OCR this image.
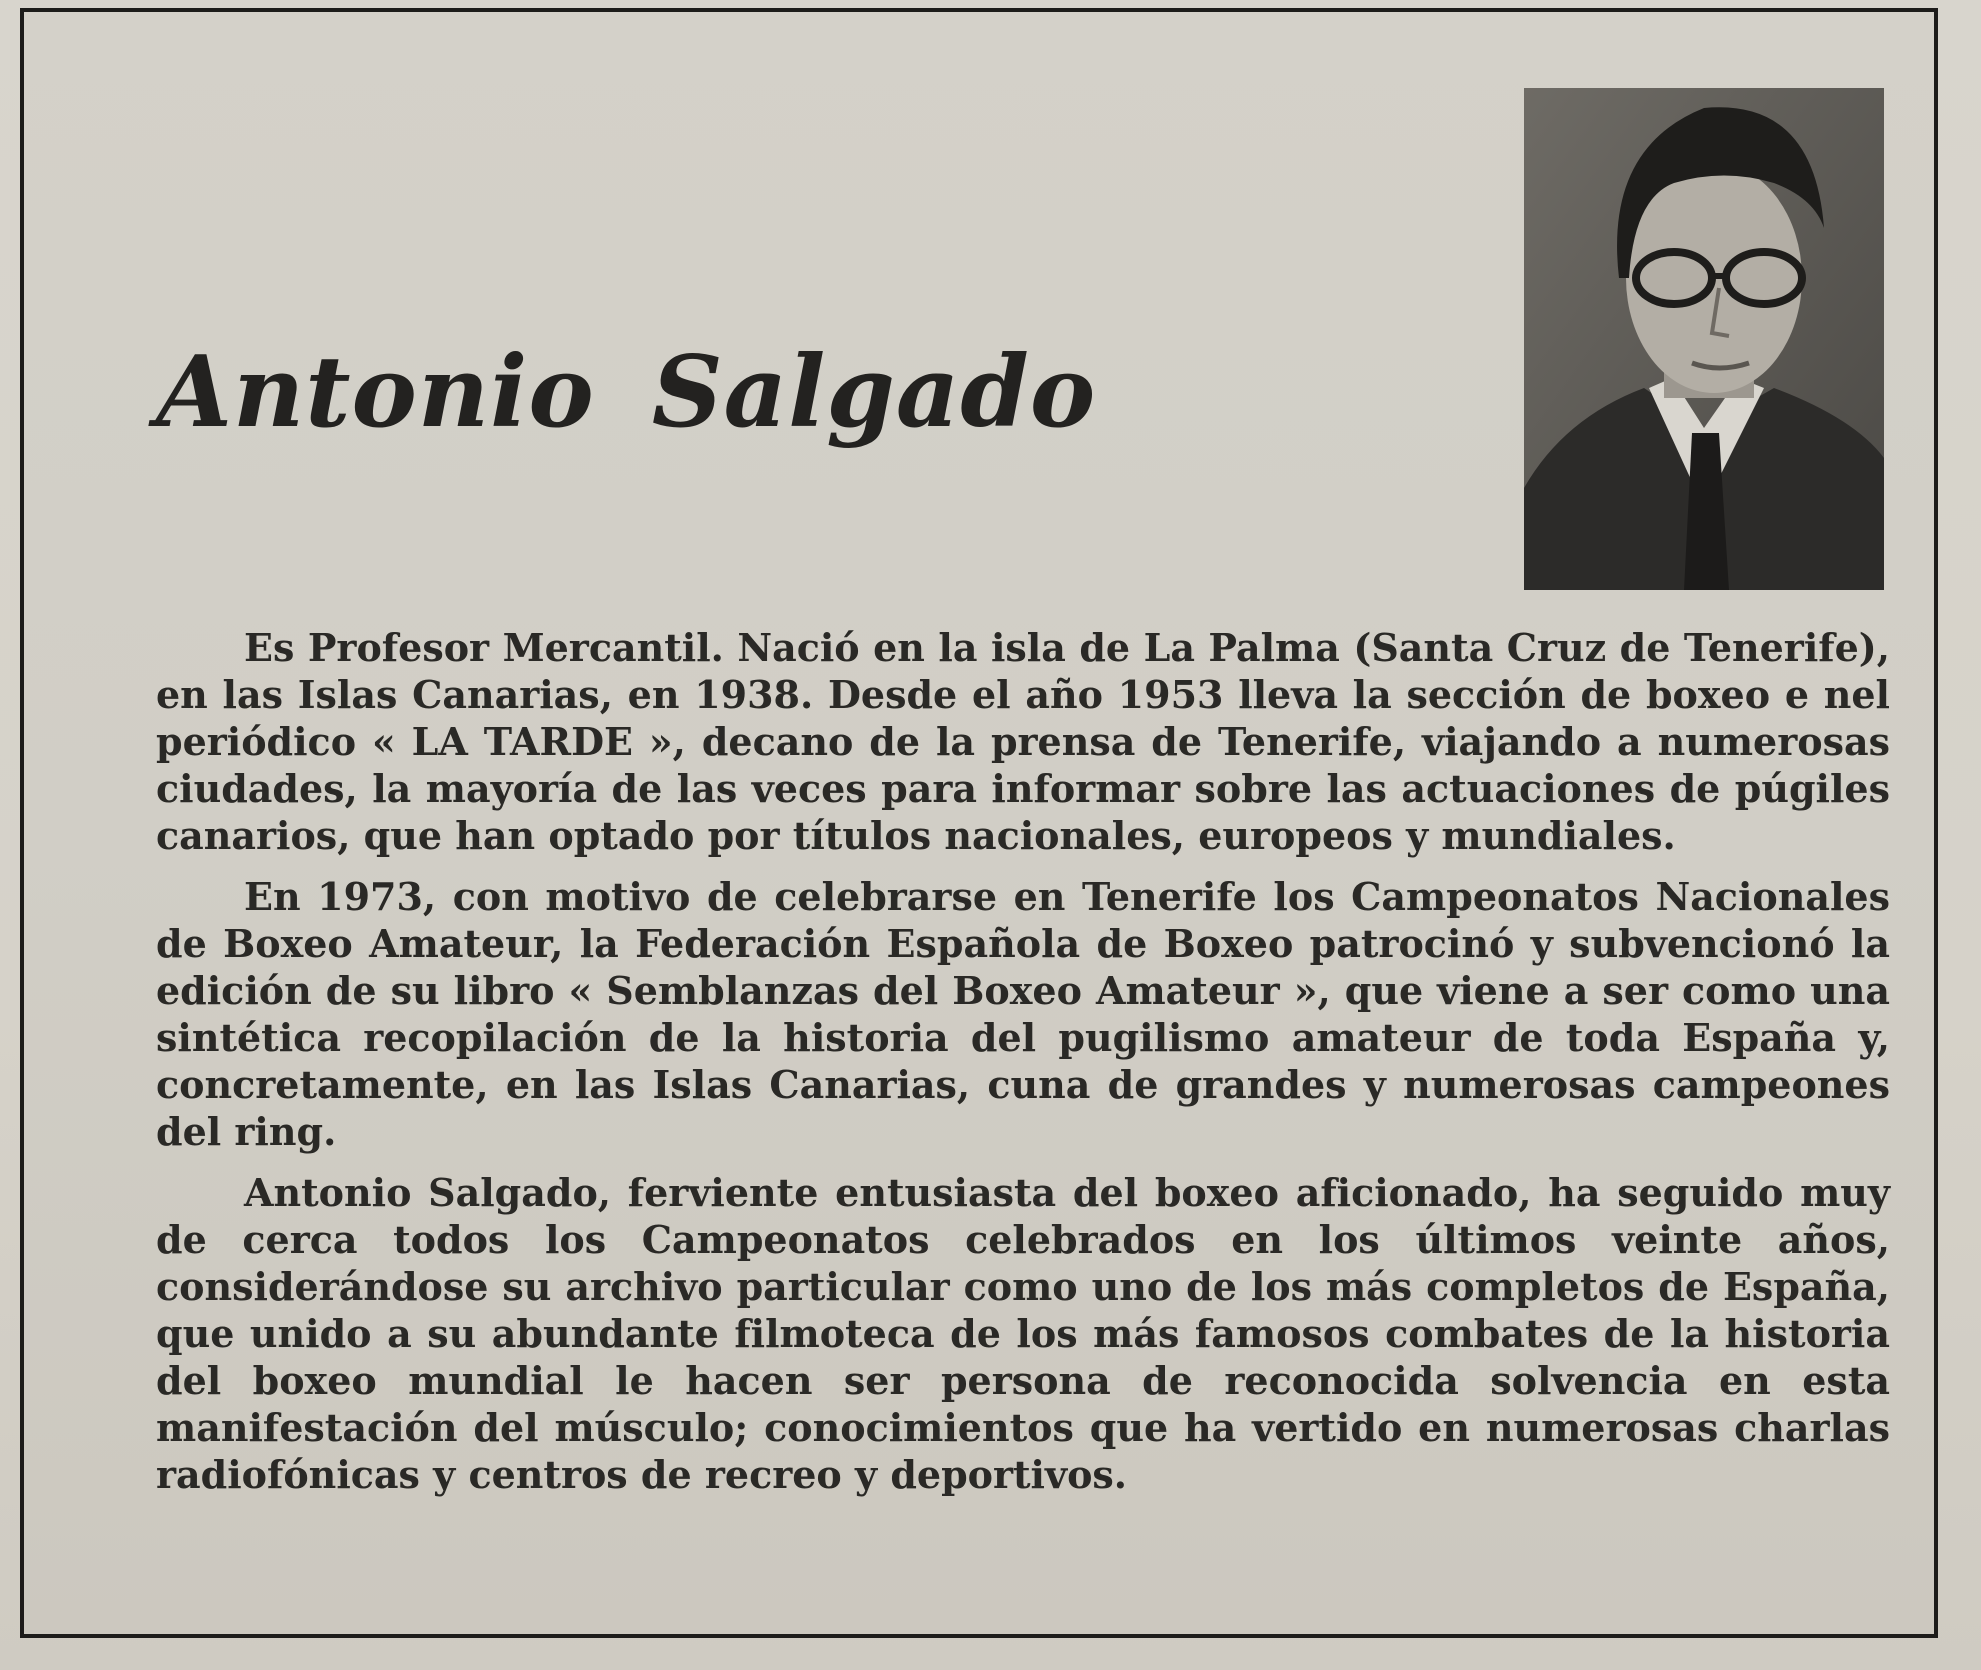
Antonio Salgado

Es Profesor Mercantil. Nació en la isla de La Palma (Santa Cruz de Tenerife), en las Islas Canarias, en 1938. Desde el año 1953 lleva la sección de boxeo e nel periódico « LA TARDE », decano de la prensa de Tenerife, viajando a numerosas ciudades, la mayoría de las veces para informar sobre las actuaciones de púgiles canarios, que han optado por títulos nacionales, europeos y mundiales.

En 1973, con motivo de celebrarse en Tenerife los Campeonatos Nacionales de Boxeo Amateur, la Federación Española de Boxeo patrocinó y subvencionó la edición de su libro « Semblanzas del Boxeo Amateur », que viene a ser como una sintética recopilación de la historia del pugilismo amateur de toda España y, concretamente, en las Islas Canarias, cuna de grandes y numerosas campeones del ring.

Antonio Salgado, ferviente entusiasta del boxeo aficionado, ha seguido muy de cerca todos los Campeonatos celebrados en los últimos veinte años, considerándose su archivo particular como uno de los más completos de España, que unido a su abundante filmoteca de los más famosos combates de la historia del boxeo mundial le hacen ser persona de reconocida solvencia en esta manifestación del músculo; conocimientos que ha vertido en numerosas charlas radiofónicas y centros de recreo y deportivos.
